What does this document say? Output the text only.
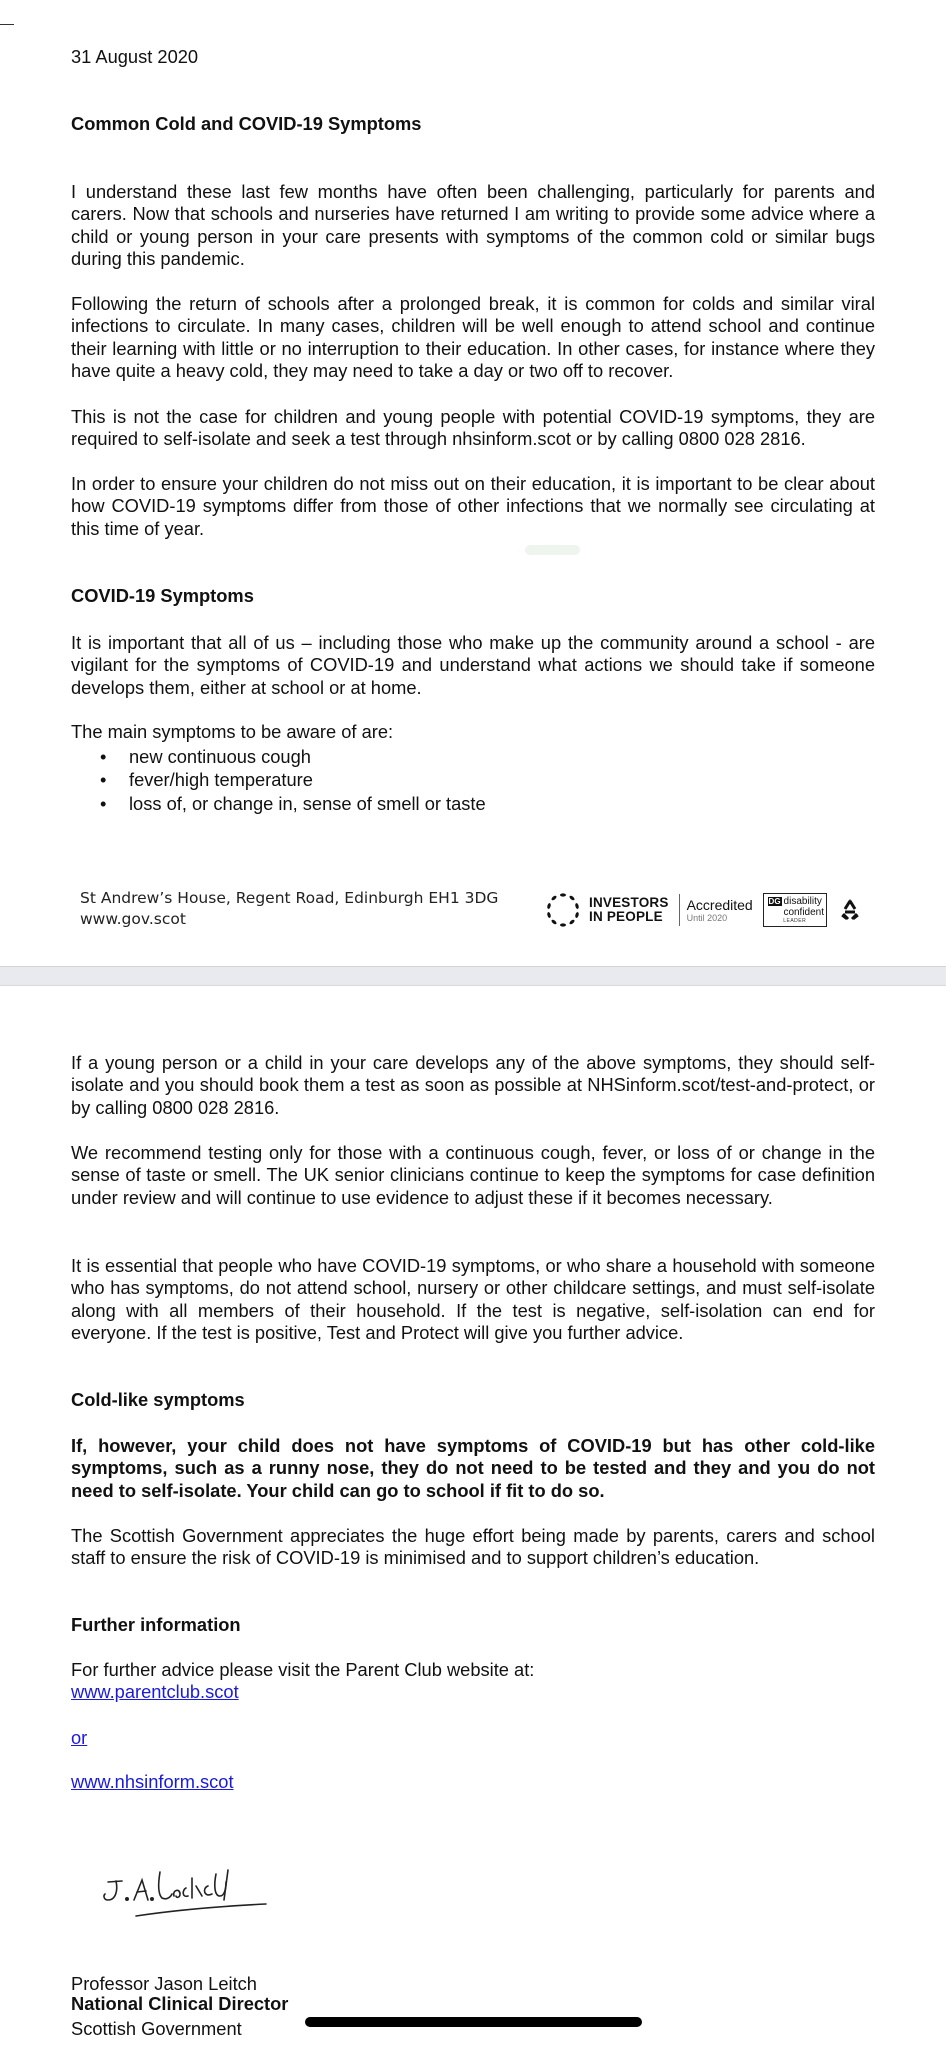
31 August 2020

Common Cold and COVID-19 Symptoms

I understand these last few months have often been challenging, particularly for parents and carers. Now that schools and nurseries have returned I am writing to provide some advice where a child or young person in your care presents with symptoms of the common cold or similar bugs during this pandemic.

Following the return of schools after a prolonged break, it is common for colds and similar viral infections to circulate. In many cases, children will be well enough to attend school and continue their learning with little or no interruption to their education. In other cases, for instance where they have quite a heavy cold, they may need to take a day or two off to recover.

This is not the case for children and young people with potential COVID-19 symptoms, they are required to self-isolate and seek a test through nhsinform.scot or by calling 0800 028 2816.

In order to ensure your children do not miss out on their education, it is important to be clear about how COVID-19 symptoms differ from those of other infections that we normally see circulating at this time of year.

COVID-19 Symptoms

It is important that all of us – including those who make up the community around a school - are vigilant for the symptoms of COVID-19 and understand what actions we should take if someone develops them, either at school or at home.

The main symptoms to be aware of are:

• new continuous cough
• fever/high temperature
• loss of, or change in, sense of smell or taste
St Andrew’s House, Regent Road, Edinburgh EH1 3DG
www.gov.scot
INVESTORS
IN PEOPLE
Accredited
Until 2020
DG disability
confident
LEADER

If a young person or a child in your care develops any of the above symptoms, they should self-isolate and you should book them a test as soon as possible at NHSinform.scot/test-and-protect, or by calling 0800 028 2816.

We recommend testing only for those with a continuous cough, fever, or loss of or change in the sense of taste or smell. The UK senior clinicians continue to keep the symptoms for case definition under review and will continue to use evidence to adjust these if it becomes necessary.

It is essential that people who have COVID-19 symptoms, or who share a household with someone who has symptoms, do not attend school, nursery or other childcare settings, and must self-isolate along with all members of their household. If the test is negative, self-isolation can end for everyone. If the test is positive, Test and Protect will give you further advice.

Cold-like symptoms

If, however, your child does not have symptoms of COVID-19 but has other cold-like symptoms, such as a runny nose, they do not need to be tested and they and you do not need to self-isolate. Your child can go to school if fit to do so.

The Scottish Government appreciates the huge effort being made by parents, carers and school staff to ensure the risk of COVID-19 is minimised and to support children’s education.

Further information

For further advice please visit the Parent Club website at:

www.parentclub.scot
or
www.nhsinform.scot
J.A.Leitch

Professor Jason Leitch

National Clinical Director

Scottish Government
